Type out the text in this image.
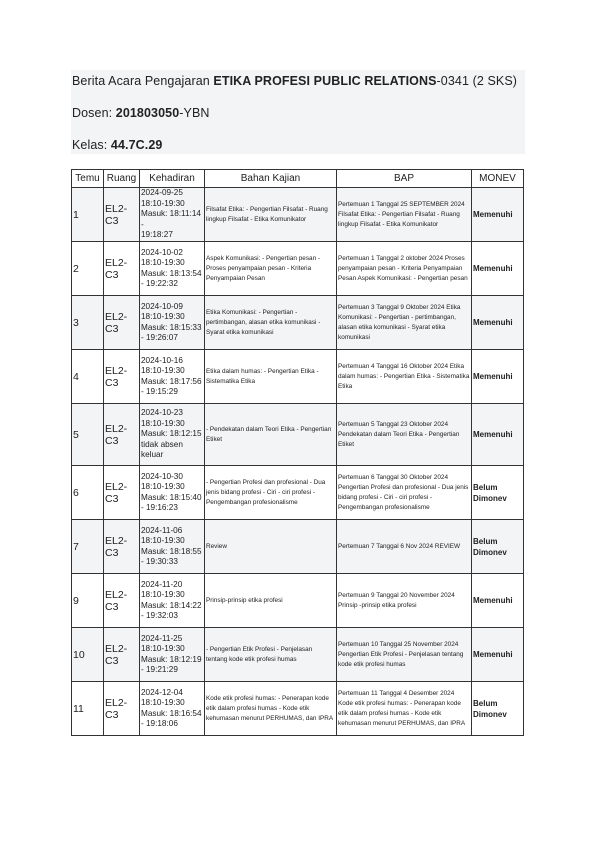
Berita Acara Pengajaran ETIKA PROFESI PUBLIC RELATIONS-0341 (2 SKS)
Dosen: 201803050-YBN
Kelas: 44.7C.29
Temu	Ruang	Kehadiran	Bahan Kajian	BAP	MONEV
1	EL2-C3	2024-09-25
18:10-19:30
Masuk: 18:11:14 -
19:18:27	Filsafat Etika: - Pengertian Filsafat - Ruang lingkup Filsafat - Etika Komunikator	Pertemuan 1 Tanggal 25 SEPTEMBER 2024 Filsafat Etika: - Pengertian Filsafat - Ruang lingkup Filsafat - Etika Komunikator	Memenuhi
2	EL2-C3	2024-10-02
18:10-19:30
Masuk: 18:13:54
- 19:22:32	Aspek Komunikasi: - Pengertian pesan - Proses penyampaian pesan - Kriteria Penyampaian Pesan	Pertemuan 1 Tanggal 2 oktober 2024 Proses penyampaian pesan - Kriteria Penyampaian Pesan Aspek Komunikasi: - Pengertian pesan	Memenuhi
3	EL2-C3	2024-10-09
18:10-19:30
Masuk: 18:15:33
- 19:26:07	Etika Komunikasi: - Pengertian - pertimbangan, alasan etika komunikasi - Syarat etika komunikasi	Pertemuan 3 Tanggal 9 Oktober 2024 Etika Komunikasi: - Pengertian - pertimbangan, alasan etika komunikasi - Syarat etika komunikasi	Memenuhi
4	EL2-C3	2024-10-16
18:10-19:30
Masuk: 18:17:56
- 19:15:29	Etika dalam humas: - Pengertian Etika - Sistematika Etika	Pertemuan 4 Tanggal 16 Oktober 2024 Etika dalam humas: - Pengertian Etika - Sistematika Etika	Memenuhi
5	EL2-C3	2024-10-23
18:10-19:30
Masuk: 18:12:15
tidak absen
keluar	- Pendekatan dalam Teori Etika - Pengertian Etiket	Pertemuan 5 Tanggal 23 Oktober 2024 Pendekatan dalam Teori Etika - Pengertian Etiket	Memenuhi
6	EL2-C3	2024-10-30
18:10-19:30
Masuk: 18:15:40
- 19:16:23	- Pengertian Profesi dan profesional - Dua jenis bidang profesi - Ciri - ciri profesi - Pengembangan profesionalisme	Pertemuan 6 Tanggal 30 Oktober 2024 Pengertian Profesi dan profesional - Dua jenis bidang profesi - Ciri - ciri profesi - Pengembangan profesionalisme	Belum Dimonev
7	EL2-C3	2024-11-06
18:10-19:30
Masuk: 18:18:55
- 19:30:33	Review	Pertemuan 7 Tanggal 6 Nov 2024 REVIEW	Belum Dimonev
9	EL2-C3	2024-11-20
18:10-19:30
Masuk: 18:14:22
- 19:32:03	Prinsip-prinsip etika profesi	Pertemuan 9 Tanggal 20 November 2024 Prinsip -prinsip etika profesi	Memenuhi
10	EL2-C3	2024-11-25
18:10-19:30
Masuk: 18:12:19
- 19:21:29	- Pengertian Etik Profesi - Penjelasan tentang kode etik profesi humas	Pertemuan 10 Tanggal 25 November 2024 Pengertian Etik Profesi - Penjelasan tentang kode etik profesi humas	Memenuhi
11	EL2-C3	2024-12-04
18:10-19:30
Masuk: 18:16:54
- 19:18:06	Kode etik profesi humas: - Penerapan kode etik dalam profesi humas - Kode etik kehumasan menurut PERHUMAS, dan IPRA	Pertemuan 11 Tanggal 4 Desember 2024 Kode etik profesi humas: - Penerapan kode etik dalam profesi humas - Kode etik kehumasan menurut PERHUMAS, dan IPRA	Belum Dimonev
